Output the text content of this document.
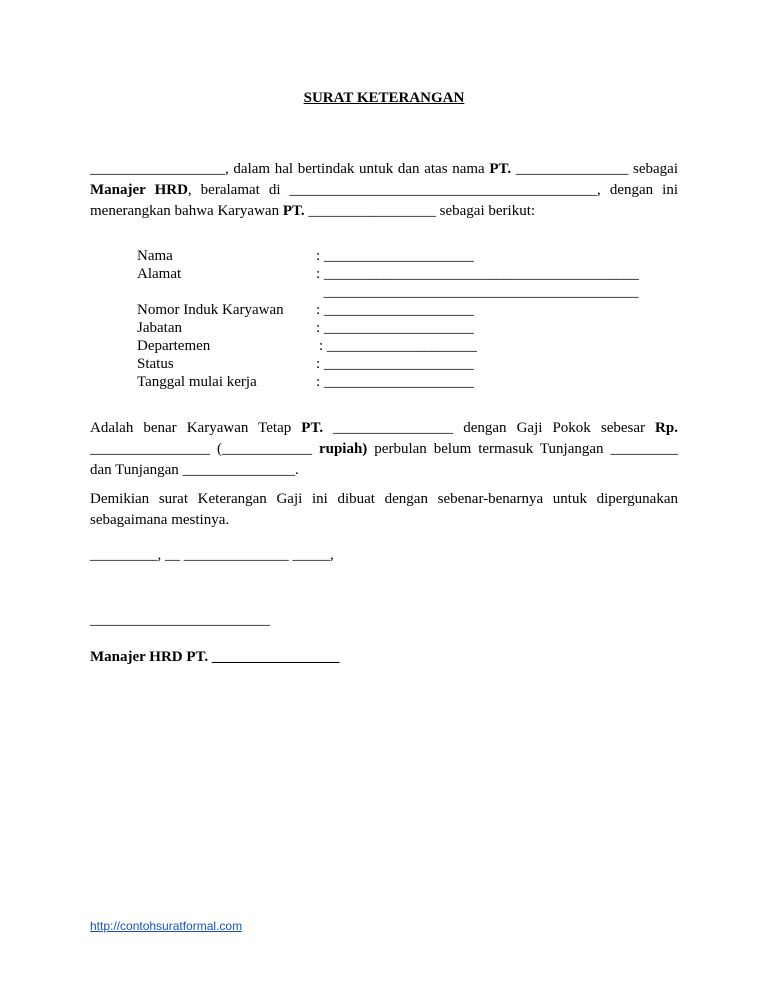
SURAT KETERANGAN
__________________, dalam hal bertindak untuk dan atas nama PT. _______________ sebagai Manajer HRD, beralamat di _________________________________________, dengan ini menerangkan bahwa Karyawan PT. _________________ sebagai berikut:
Nama	: ____________________
Alamat	: __________________________________________
__________________________________________
Nomor Induk Karyawan	: ____________________
Jabatan	: ____________________
Departemen	: ____________________
Status	: ____________________
Tanggal mulai kerja	: ____________________
Adalah benar Karyawan Tetap PT. ________________ dengan Gaji Pokok sebesar Rp. ________________ (____________ rupiah) perbulan belum termasuk Tunjangan _________ dan Tunjangan _______________.
Demikian surat Keterangan Gaji ini dibuat dengan sebenar-benarnya untuk dipergunakan sebagaimana mestinya.
_________, __ ______________ _____,
________________________
Manajer HRD PT. _________________
http://contohsuratformal.com
